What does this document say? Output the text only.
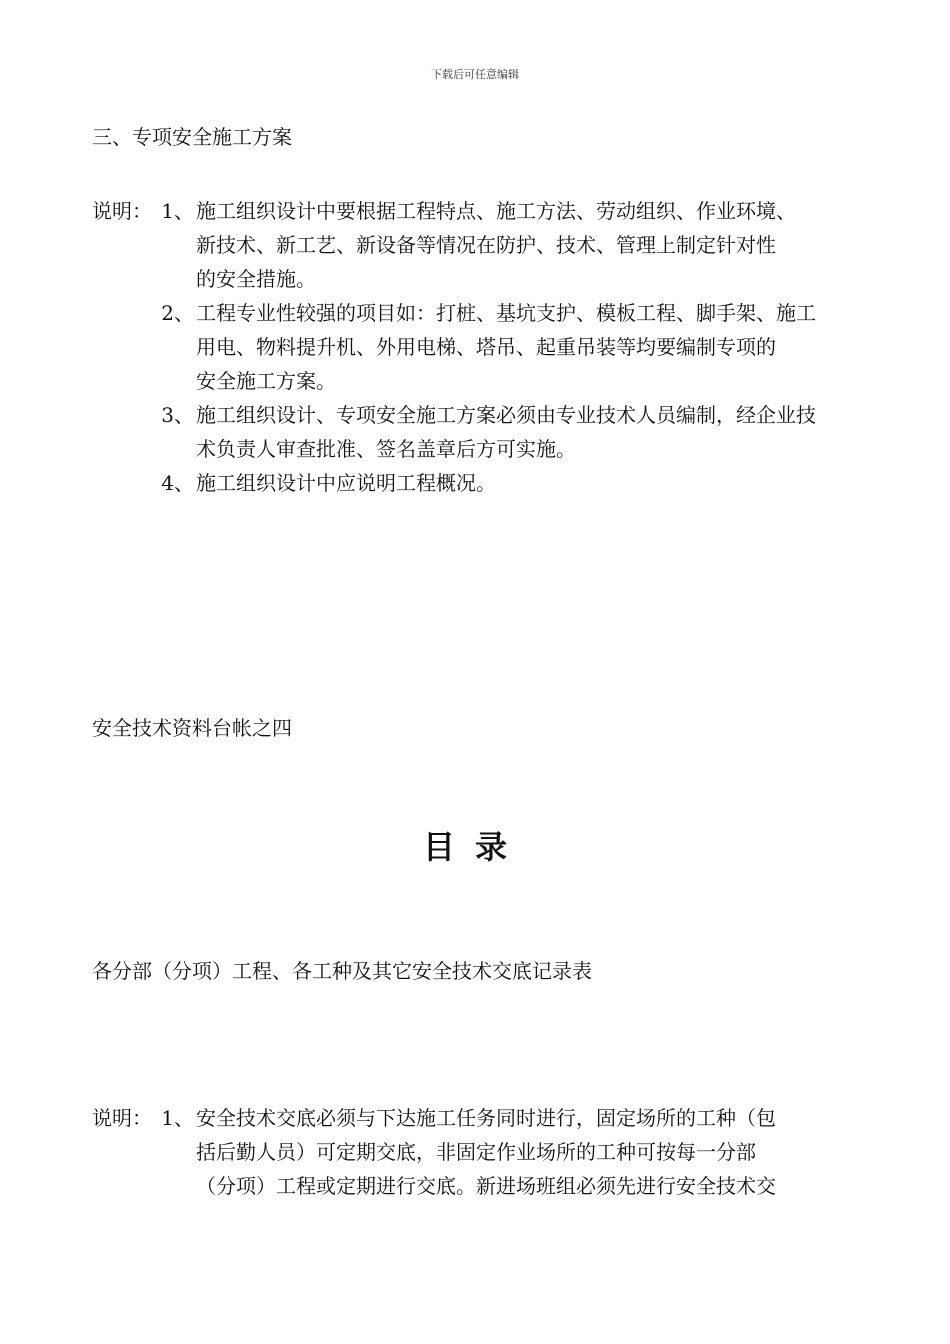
下载后可任意编辑

三、专项安全施工方案

说明： 1、 施工组织设计中要根据工程特点、施工方法、劳动组织、作业环境、
新技术、新工艺、新设备等情况在防护、技术、管理上制定针对性
的安全措施。
2、 工程专业性较强的项目如：打桩、基坑支护、模板工程、脚手架、施工
用电、物料提升机、外用电梯、塔吊、起重吊装等均要编制专项的
安全施工方案。
3、 施工组织设计、专项安全施工方案必须由专业技术人员编制，经企业技
术负责人审查批准、签名盖章后方可实施。
4、 施工组织设计中应说明工程概况。

安全技术资料台帐之四

目录

各分部（分项）工程、各工种及其它安全技术交底记录表

说明： 1、 安全技术交底必须与下达施工任务同时进行，固定场所的工种（包
括后勤人员）可定期交底，非固定作业场所的工种可按每一分部
（分项）工程或定期进行交底。新进场班组必须先进行安全技术交
